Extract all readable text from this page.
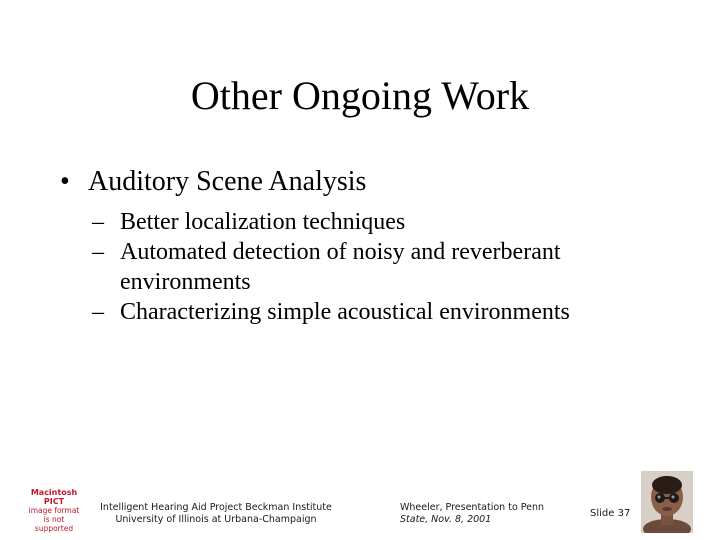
Other Ongoing Work
• Auditory Scene Analysis
– Better localization techniques
– Automated detection of noisy and reverberant environments
– Characterizing simple acoustical environments
Macintosh PICT
image format
is not supported
Intelligent Hearing Aid Project Beckman Institute
University of Illinois at Urbana-Champaign
Wheeler, Presentation to Penn
State, Nov. 8, 2001
Slide 37
